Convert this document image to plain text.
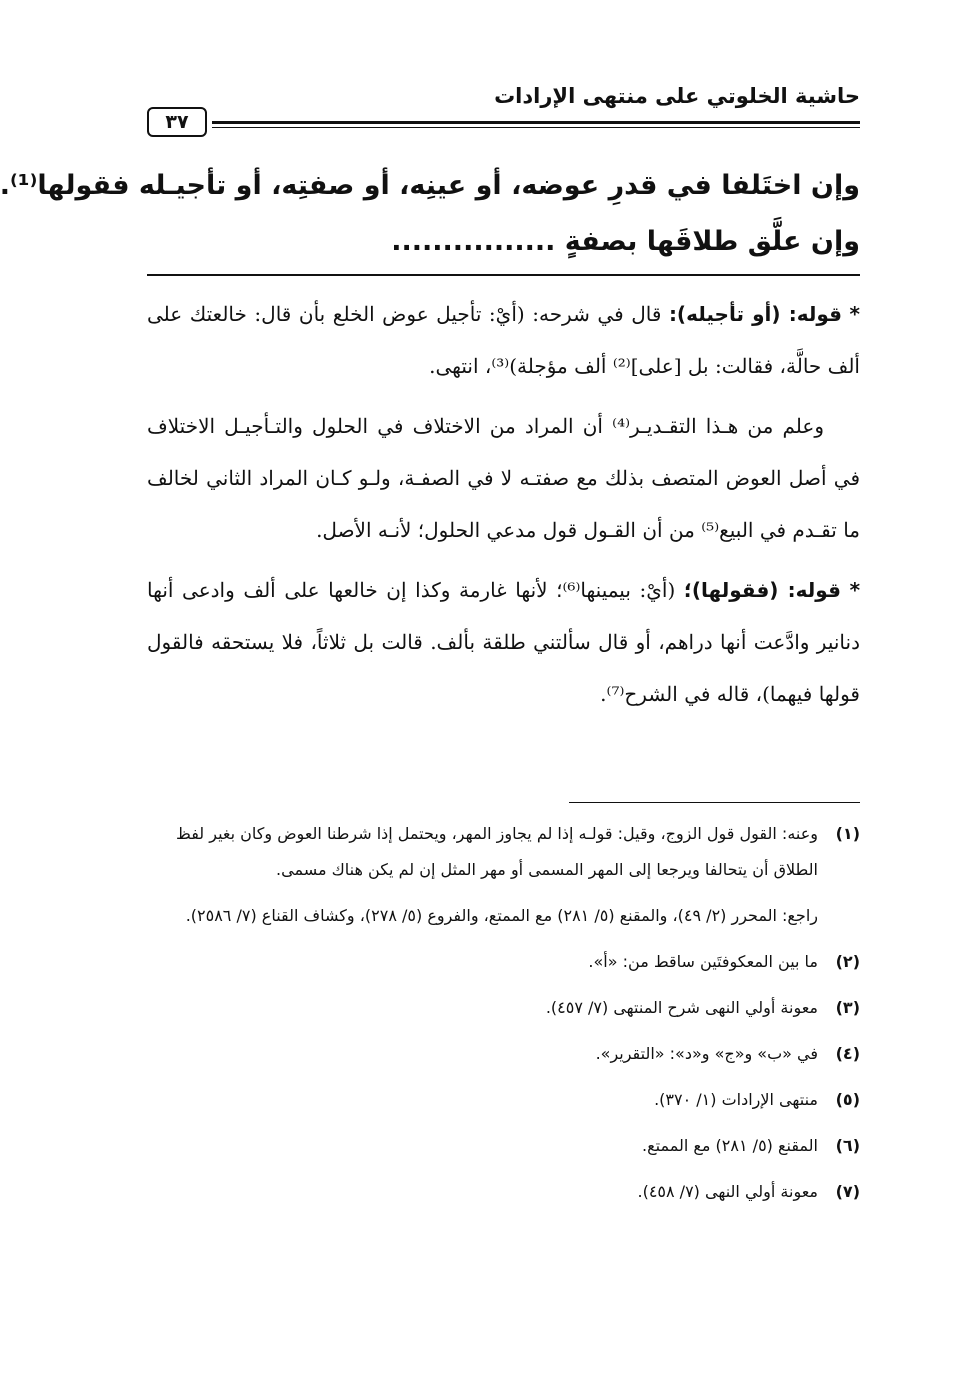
حاشية الخلوتي على منتهى الإرادات
٣٧
وإن اختَلفا في قدرِ عوضه، أو عينِه، أو صفتِه، أو تأجيـله فقولها⁽¹⁾.
وإن علَّق طلاقَها بصفةٍ ................

* قوله: (أو تأجيله): قال في شرحه: (أيْ: تأجيل عوض الخلع بأن قال: خالعتك على ألف حالَّة، فقالت: بل [على]⁽²⁾ ألف مؤجلة)⁽³⁾، انتهى.

وعلم من هـذا التقـديـر⁽⁴⁾ أن المراد من الاختلاف في الحلول والتـأجيـل الاختلاف في أصل العوض المتصف بذلك مع صفتـه لا في الصفـة، ولـو كـان المراد الثاني لخالف ما تقـدم في البيع⁽⁵⁾ من أن القـول قول مدعي الحلول؛ لأنـه الأصل.

* قوله: (فقولها)؛ (أيْ: بيمينها⁽⁶⁾؛ لأنها غارمة وكذا إن خالعها على ألف وادعى أنها دنانير وادَّعت أنها دراهم، أو قال سألتني طلقة بألف. قالت بل ثلاثاً، فلا يستحقه فالقول قولها فيهما)، قاله في الشرح⁽⁷⁾.

(١)
وعنه: القول قول الزوج، وقيل: قولـه إذا لم يجاوز المهر، ويحتمل إذا شرطنا العوض وكان بغير لفظ الطلاق أن يتحالفا ويرجعا إلى المهر المسمى أو مهر المثل إن لم يكن هناك مسمى.
راجع: المحرر (٢/ ٤٩)، والمقنع (٥/ ٢٨١) مع الممتع، والفروع (٥/ ٢٧٨)، وكشاف القناع (٧/ ٢٥٨٦).
(٢)
ما بين المعكوفتَين ساقط من: «أ».
(٣)
معونة أولي النهى شرح المنتهى (٧/ ٤٥٧).
(٤)
في «ب» و«ج» و«د»: «التقرير».
(٥)
منتهى الإرادات (١/ ٣٧٠).
(٦)
المقنع (٥/ ٢٨١) مع الممتع.
(٧)
معونة أولي النهى (٧/ ٤٥٨).
